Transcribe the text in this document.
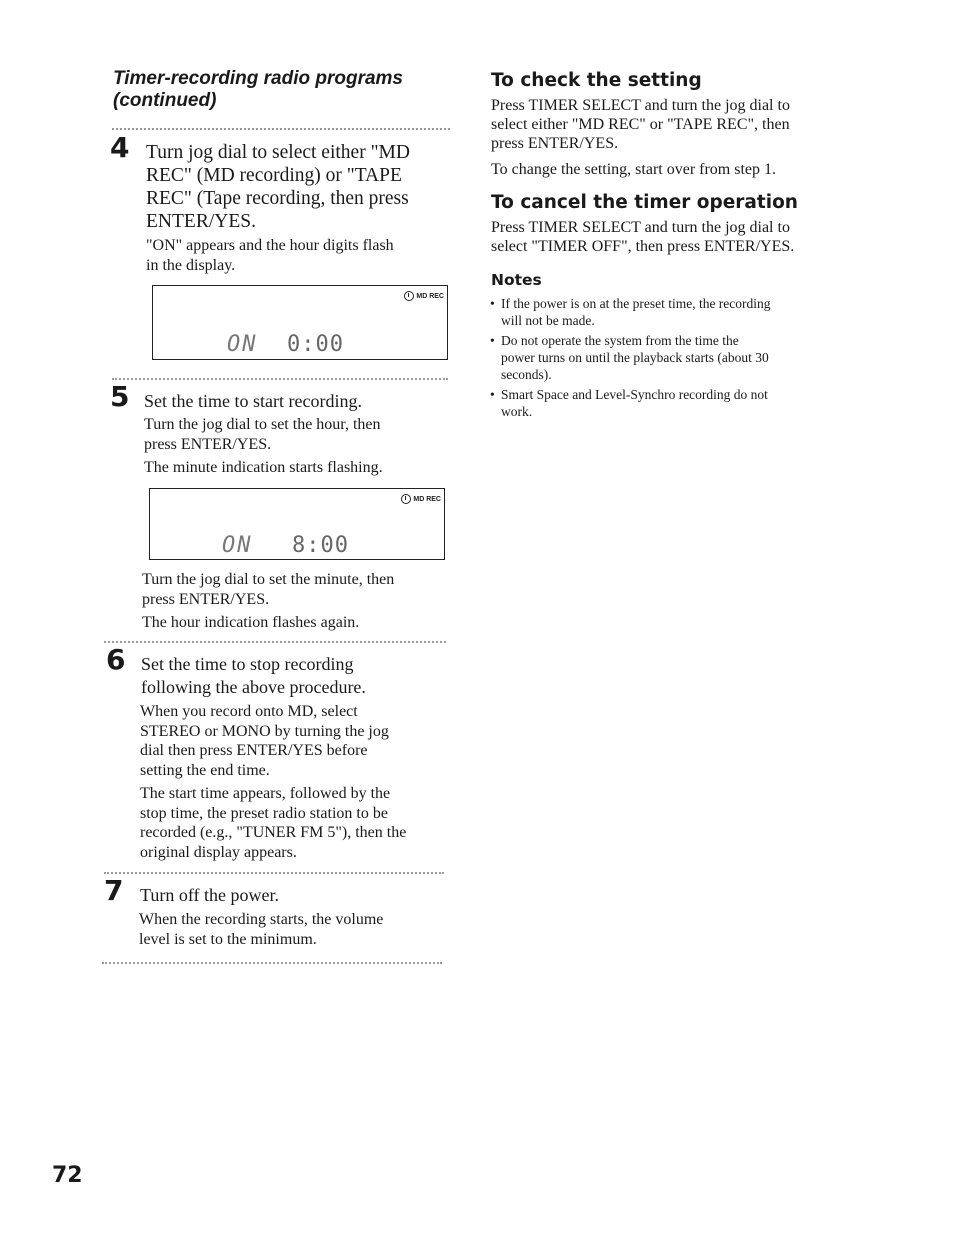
Timer-recording radio programs
(continued)
4 Turn jog dial to select either "MD
REC" (MD recording) or "TAPE
REC" (Tape recording, then press
ENTER/YES.
"ON" appears and the hour digits flash
in the display.
MD REC
ON 0:00
5 Set the time to start recording.
Turn the jog dial to set the hour, then
press ENTER/YES.
The minute indication starts flashing.
MD REC
ON 8:00
Turn the jog dial to set the minute, then
press ENTER/YES.
The hour indication flashes again.
6 Set the time to stop recording
following the above procedure.
When you record onto MD, select
STEREO or MONO by turning the jog
dial then press ENTER/YES before
setting the end time.
The start time appears, followed by the
stop time, the preset radio station to be
recorded (e.g., "TUNER FM 5"), then the
original display appears.
7 Turn off the power.
When the recording starts, the volume
level is set to the minimum.
To check the setting
Press TIMER SELECT and turn the jog dial to
select either "MD REC" or "TAPE REC", then
press ENTER/YES.
To change the setting, start over from step 1.
To cancel the timer operation
Press TIMER SELECT and turn the jog dial to
select "TIMER OFF", then press ENTER/YES.
Notes
• If the power is on at the preset time, the recording
will not be made.
• Do not operate the system from the time the
power turns on until the playback starts (about 30
seconds).
• Smart Space and Level-Synchro recording do not
work.
72
